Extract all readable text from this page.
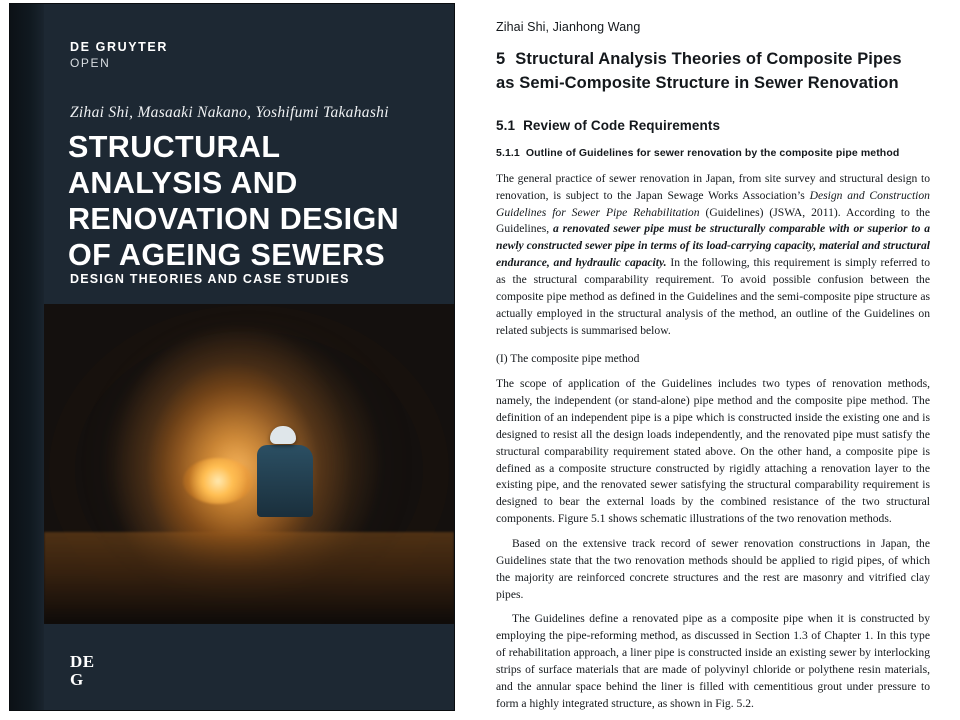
DE GRUYTER
OPEN
Zihai Shi, Masaaki Nakano, Yoshifumi Takahashi
STRUCTURAL ANALYSIS AND RENOVATION DESIGN OF AGEING SEWERS
DESIGN THEORIES AND CASE STUDIES
DE
G
Zihai Shi, Jianhong Wang
5 Structural Analysis Theories of Composite Pipes
as Semi-Composite Structure in Sewer Renovation
5.1 Review of Code Requirements
5.1.1 Outline of Guidelines for sewer renovation by the composite pipe method

The general practice of sewer renovation in Japan, from site survey and structural design to renovation, is subject to the Japan Sewage Works Association’s Design and Construction Guidelines for Sewer Pipe Rehabilitation (Guidelines) (JSWA, 2011). According to the Guidelines, a renovated sewer pipe must be structurally comparable with or superior to a newly constructed sewer pipe in terms of its load-carrying capacity, material and structural endurance, and hydraulic capacity. In the following, this requirement is simply referred to as the structural comparability requirement. To avoid possible confusion between the composite pipe method as defined in the Guidelines and the semi-composite pipe structure as actually employed in the structural analysis of the method, an outline of the Guidelines on related subjects is summarised below.

(I) The composite pipe method

The scope of application of the Guidelines includes two types of renovation methods, namely, the independent (or stand-alone) pipe method and the composite pipe method. The definition of an independent pipe is a pipe which is constructed inside the existing one and is designed to resist all the design loads independently, and the renovated pipe must satisfy the structural comparability requirement stated above. On the other hand, a composite pipe is defined as a composite structure constructed by rigidly attaching a renovation layer to the existing pipe, and the renovated sewer satisfying the structural comparability requirement is designed to bear the external loads by the combined resistance of the two structural components. Figure 5.1 shows schematic illustrations of the two renovation methods.

Based on the extensive track record of sewer renovation constructions in Japan, the Guidelines state that the two renovation methods should be applied to rigid pipes, of which the majority are reinforced concrete structures and the rest are masonry and vitrified clay pipes.

The Guidelines define a renovated pipe as a composite pipe when it is constructed by employing the pipe-reforming method, as discussed in Section 1.3 of Chapter 1. In this type of rehabilitation approach, a liner pipe is constructed inside an existing sewer by interlocking strips of surface materials that are made of polyvinyl chloride or polythene resin materials, and the annular space behind the liner is filled with cementitious grout under pressure to form a highly integrated structure, as shown in Fig. 5.2.
